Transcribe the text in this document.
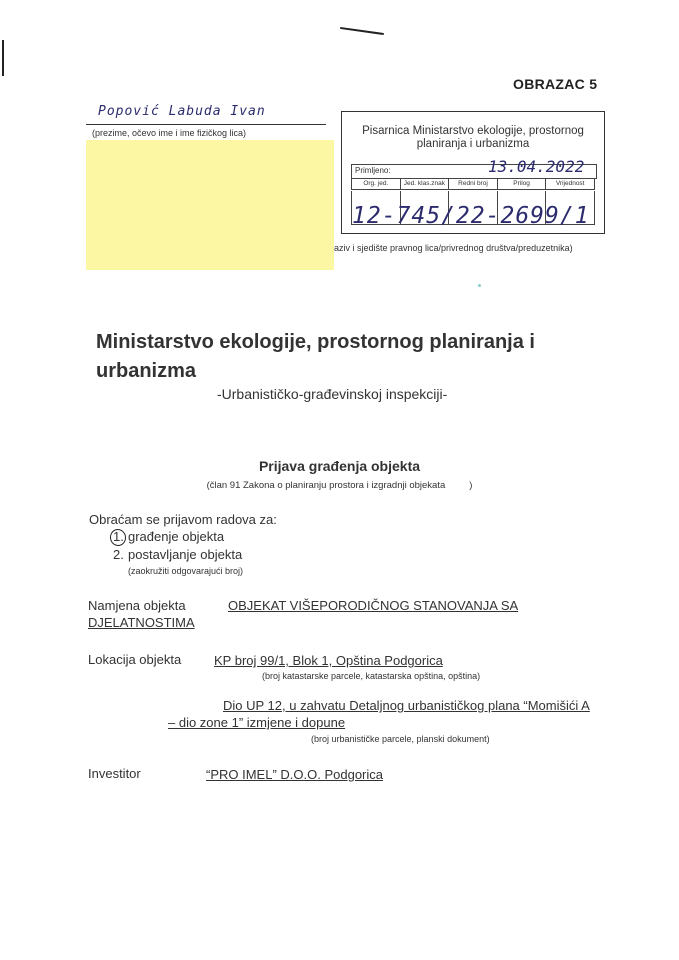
OBRAZAC 5
Popović Labuda Ivan
(prezime, očevo ime i ime fizičkog lica)
aziv i sjedište pravnog lica/privrednog društva/preduzetnika)
Pisarnica Ministarstvo ekologije, prostornog
planiranja i urbanizma
Primljeno:	13.04.2022
Org. jed.	Jed. klas.znak	Redni broj	Prilog	Vrijednost
12-745/22-2699/1
Ministarstvo ekologije, prostornog planiranja i urbanizma
-Urbanističko-građevinskoj inspekciji-
Prijava građenja objekta
(član 91 Zakona o planiranju prostora i izgradnji objekata	)
Obraćam se prijavom radova za:
1. građenje objekta
2. postavljanje objekta
(zaokružiti odgovarajući broj)
Namjena objekta	OBJEKAT VIŠEPORODIČNOG STANOVANJA SA
DJELATNOSTIMA
Lokacija objekta	KP broj 99/1, Blok 1, Opština Podgorica
(broj katastarske parcele, katastarska opština, opština)
Dio UP 12, u zahvatu Detaljnog urbanističkog plana “Momišići A
– dio zone 1” izmjene i dopune
(broj urbanističke parcele, planski dokument)
Investitor	“PRO IMEL” D.O.O. Podgorica
